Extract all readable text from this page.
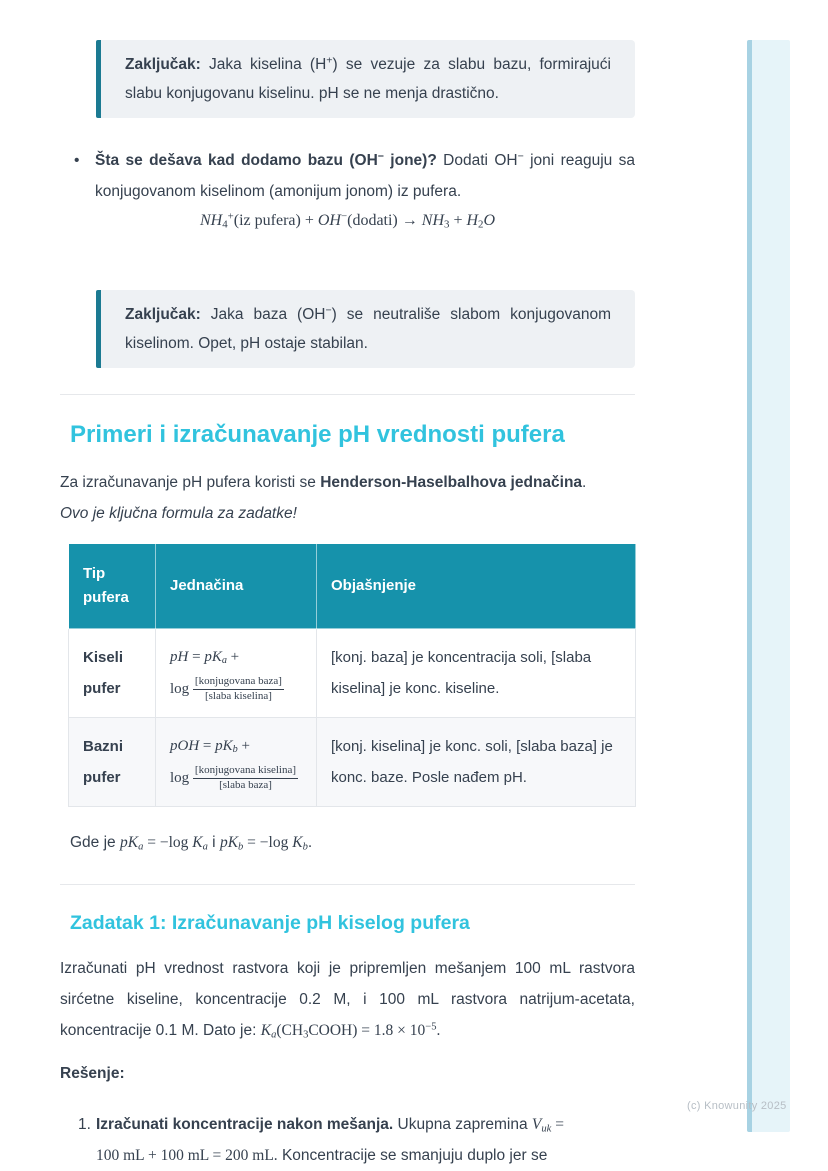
Zaključak: Jaka kiselina (H+) se vezuje za slabu bazu, formirajući slabu konjugovanu kiselinu. pH se ne menja drastično.

•	Šta se dešava kad dodamo bazu (OH− jone)? Dodati OH− joni reaguju sa konjugovanom kiselinom (amonijum jonom) iz pufera.

$NH_4^+(iz$ pufera) + OH−(dodati) → $NH_3 + H_2O$

Zaključak: Jaka baza (OH−) se neutrališe slabom konjugovanom kiselinom. Opet, pH ostaje stabilan.

Primeri i izračunavanje pH vrednosti pufera

Za izračunavanje pH pufera koristi se Henderson-Haselbalhova jednačina.

Ovo je ključna formula za zadatke!

Tip pufera	Jednačina	Objašnjenje
Kiseli pufer	pH = $pK_a$ +
$\log \frac{\text{[konjugovana baza]}}{\text{[slaba kiselina]}}$	[konj. baza] je koncentracija soli, [slaba kiselina] je konc. kiseline.
Bazni pufer	pOH = $pK_b$ +
$\log \frac{\text{[konjugovana kiselina]}}{\text{[slaba baza]}}$	[konj. kiselina] je konc. soli, [slaba baza] je konc. baze. Posle nađem pH.

Gde je $pK_a = -\log$ $K_a$ i $pK_b = -\log$ $K_b$.

Zadatak 1: Izračunavanje pH kiselog pufera

Izračunati pH vrednost rastvora koji je pripremljen mešanjem 100 mL rastvora sirćetne kiseline, koncentracije 0.2 M, i 100 mL rastvora natrijum-acetata, koncentracije 0.1 M. Dato je: $K_a(CH_3COOH) = 1.8 \times 10^{-5}$.

Rešenje:

1. Izračunati koncentracije nakon mešanja. Ukupna zapremina $V_{uk}$ =
100 mL + 100 mL = 200 mL. Koncentracije se smanjuju duplo jer se

(c) Knowunity 2025
